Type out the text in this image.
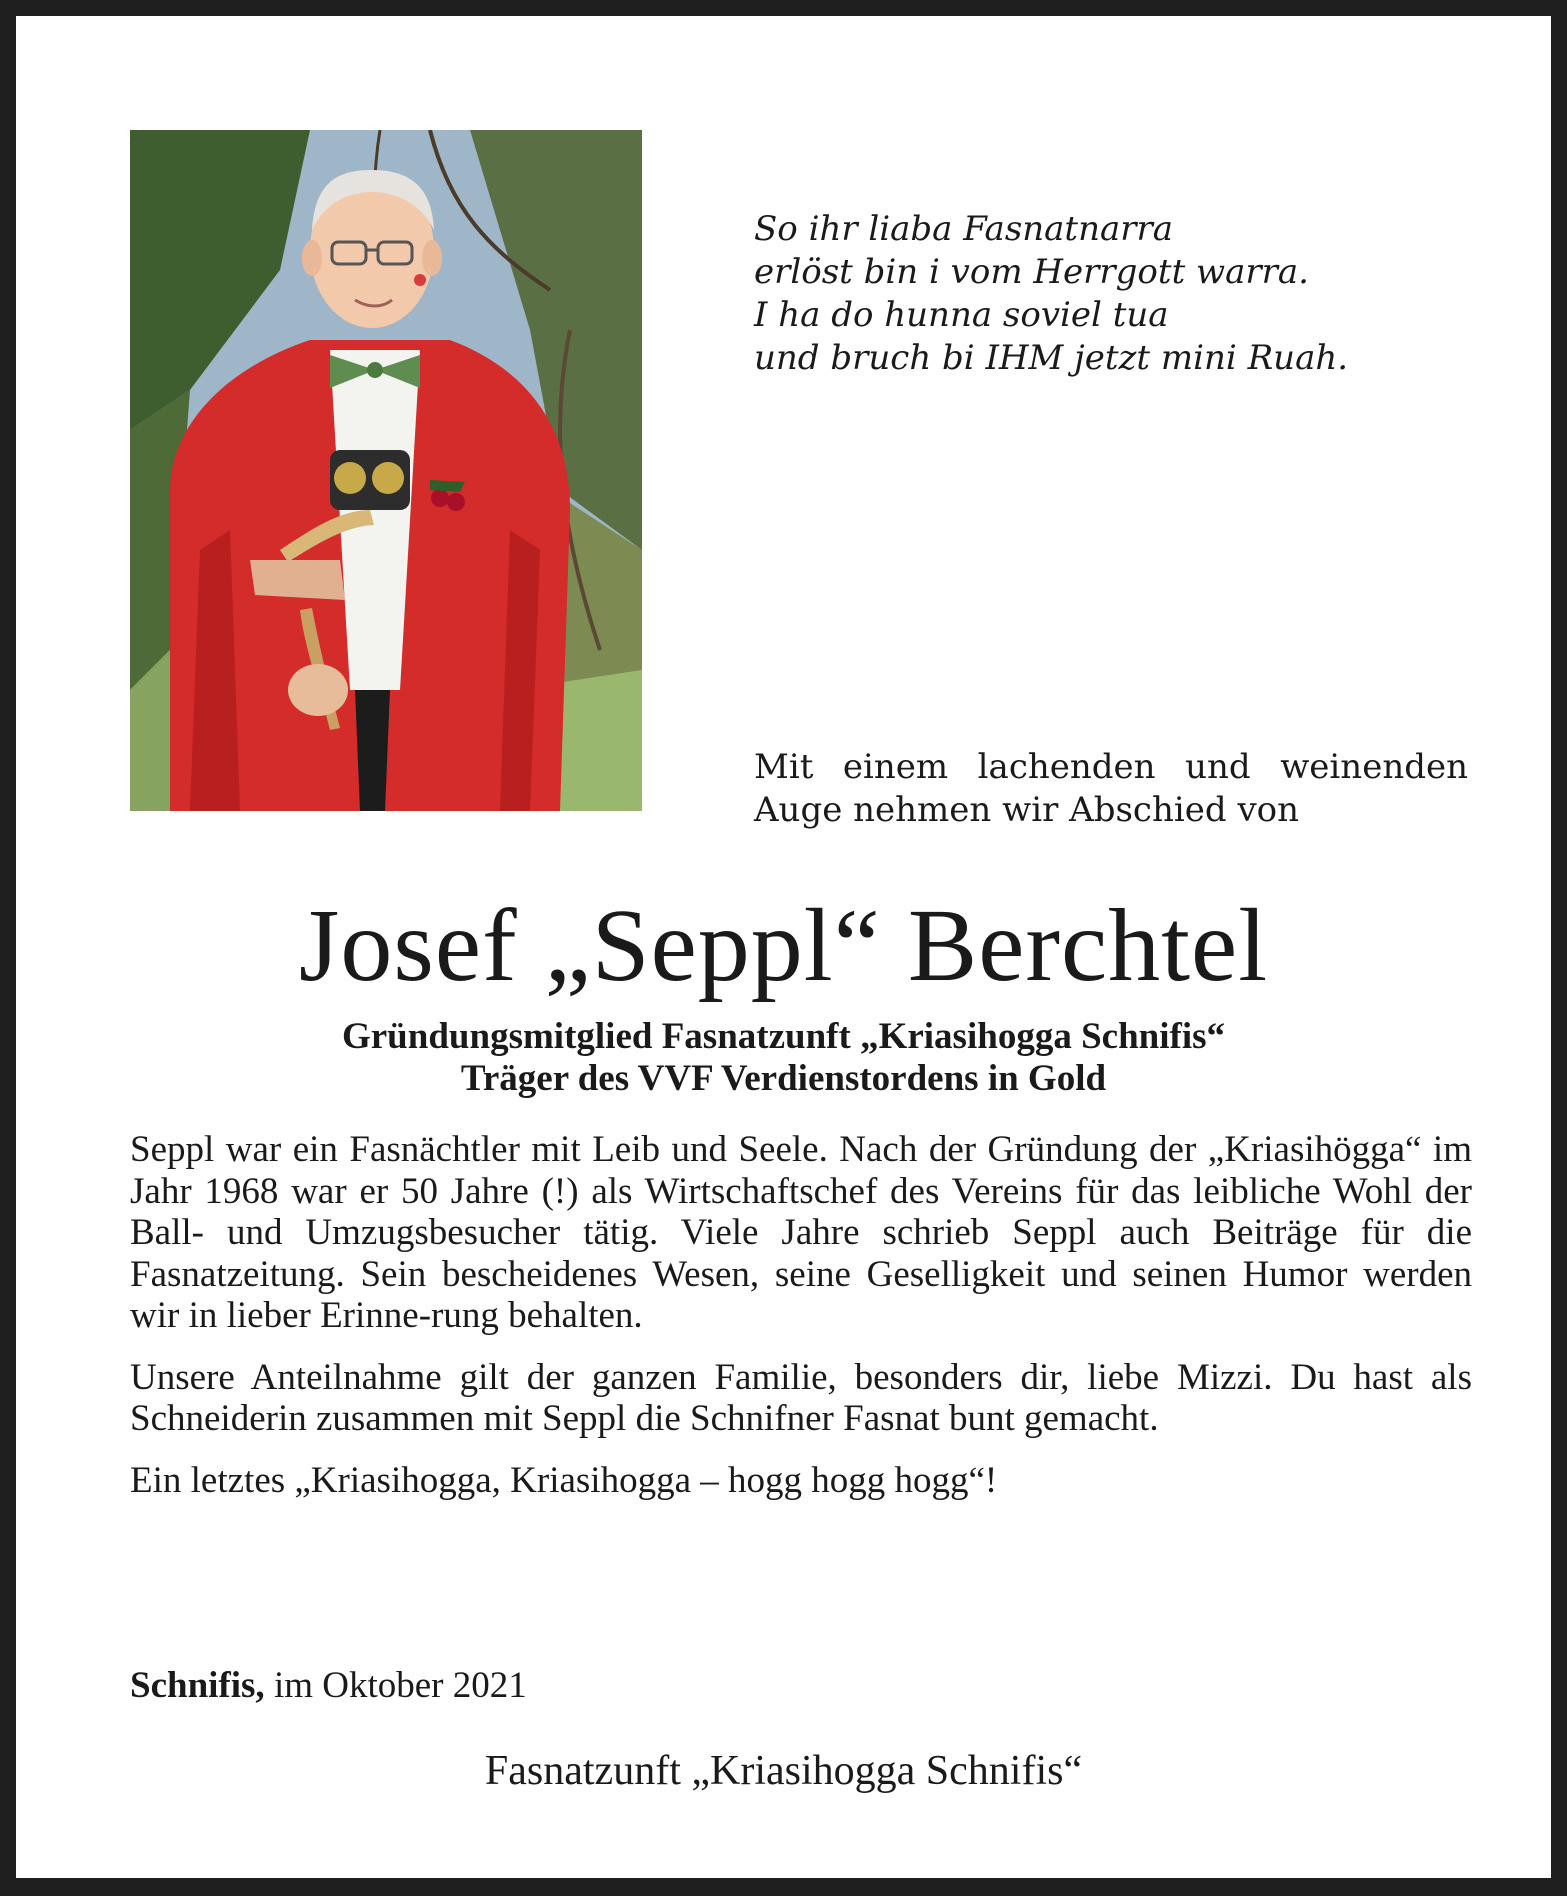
So ihr liaba Fasnatnarra
erlöst bin i vom Herrgott warra.
I ha do hunna soviel tua
und bruch bi IHM jetzt mini Ruah.
Mit einem lachenden und weinenden
Auge nehmen wir Abschied von
Josef „Seppl“ Berchtel
Gründungsmitglied Fasnatzunft „Kriasihogga Schnifis“
Träger des VVF Verdienstordens in Gold

Seppl war ein Fasnächtler mit Leib und Seele. Nach der Gründung der „Kriasihögga“ im Jahr 1968 war er 50 Jahre (!) als Wirtschaftschef des Vereins für das leibliche Wohl der Ball- und Umzugsbesucher tätig. Viele Jahre schrieb Seppl auch Beiträge für die Fasnatzeitung. Sein bescheidenes Wesen, seine Geselligkeit und seinen Humor werden wir in lieber Erinne-rung behalten.

Unsere Anteilnahme gilt der ganzen Familie, besonders dir, liebe Mizzi. Du hast als Schneiderin zusammen mit Seppl die Schnifner Fasnat bunt gemacht.

Ein letztes „Kriasihogga, Kriasihogga – hogg hogg hogg“!

Schnifis, im Oktober 2021
Fasnatzunft „Kriasihogga Schnifis“
